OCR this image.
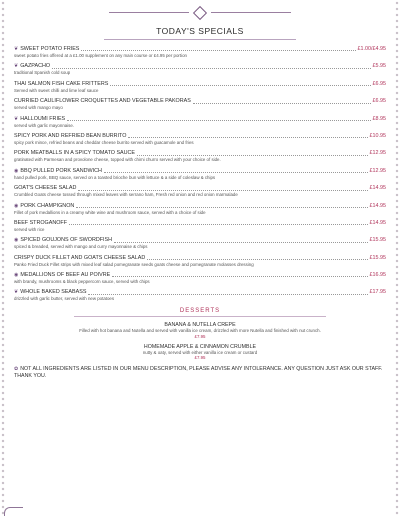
TODAY'S SPECIALS
❦ SWEET POTATO FRIES	£1.00/£4.95
sweet potato fries offered at a £1.00 supplement on any main course or £4.95 per portion
❦ GAZPACHO	£5.95
traditional Spanish cold soup
THAI SALMON FISH CAKE FRITTERS	£6.95
Served with sweet chilli and lime leaf sauce
CURRIED CAULIFLOWER CROQUETTES AND VEGETABLE PAKORAS	£6.95
served with mango mayo
❦ HALLOUMI FRIES	£8.95
served with garlic mayonnaise.
SPICY PORK AND REFRIED BEAN BURRITO	£10.95
spicy pork mince, refried beans and cheddar cheese burrito served with guacamole and fries
PORK MEATBALLS IN A SPICY TOMATO SAUCE	£12.95
gratinated with Parmesan and provolone cheese, topped with chimi churro served with your choice of side.
◉ BBQ PULLED PORK SANDWICH	£12.95
hand pulled pork, BBQ sauce, served on a toasted brioche bun with lettuce & a side of coleslaw & chips
GOAT'S CHEESE SALAD	£14.95
Crumbled Goats cheese tossed through mixed leaves with serrano ham, Fresh red onion and red onion marmalade
◉ PORK CHAMPIGNON	£14.95
Fillet of pork medallions in a creamy white wine and mushroom sauce, served with a choice of side
BEEF STROGANOFF	£14.95
served with rice
◉ SPICED GOUJONS OF SWORDFISH	£15.95
spiced & breaded, served with mango and curry mayonnaise & chips
CRISPY DUCK FILLET AND GOATS CHEESE SALAD	£15.95
Panko Fried Duck Fillet strips with mixed leaf salad pomegranate seeds goats cheese and pomegranate molasses dressing
◉ MEDALLIONS OF BEEF AU POIVRE	£16.95
with brandy, mushrooms & black peppercorn sauce, served with chips
❦ WHOLE BAKED SEABASS	£17.95
drizzled with garlic butter, served with new potatoes
DESSERTS
BANANA & NUTELLA CREPE
Filled with hot banana and Nutella and served with vanilla ice cream, drizzled with more Nutella and finished with nut crunch.
£7.95
HOMEMADE APPLE & CINNAMON CRUMBLE
nutty & oaty, served with either vanilla ice cream or custard
£7.95
✿ NOT ALL INGREDIENTS ARE LISTED IN OUR MENU DESCRIPTION, PLEASE ADVISE ANY INTOLERANCE. ANY QUESTION JUST ASK OUR STAFF. THANK YOU.
